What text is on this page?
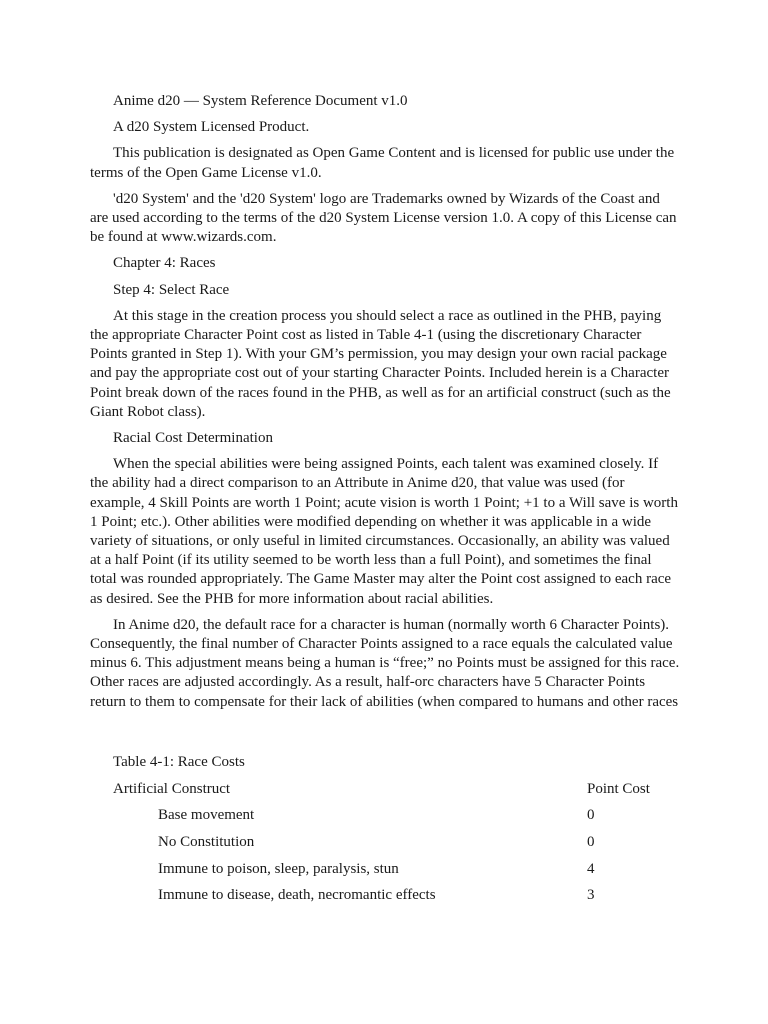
Anime d20 — System Reference Document v1.0

A d20 System Licensed Product.

This publication is designated as Open Game Content and is licensed for public use under the terms of the Open Game License v1.0.

'd20 System' and the 'd20 System' logo are Trademarks owned by Wizards of the Coast and are used according to the terms of the d20 System License version 1.0. A copy of this License can be found at www.wizards.com.

Chapter 4: Races

Step 4: Select Race

At this stage in the creation process you should select a race as outlined in the PHB, paying the appropriate Character Point cost as listed in Table 4-1 (using the discretionary Character Points granted in Step 1). With your GM’s permission, you may design your own racial package and pay the appropriate cost out of your starting Character Points. Included herein is a Character Point break down of the races found in the PHB, as well as for an artificial construct (such as the Giant Robot class).

Racial Cost Determination

When the special abilities were being assigned Points, each talent was examined closely. If the ability had a direct comparison to an Attribute in Anime d20, that value was used (for example, 4 Skill Points are worth 1 Point; acute vision is worth 1 Point; +1 to a Will save is worth 1 Point; etc.). Other abilities were modified depending on whether it was applicable in a wide variety of situations, or only useful in limited circumstances. Occasionally, an ability was valued at a half Point (if its utility seemed to be worth less than a full Point), and sometimes the final total was rounded appropriately. The Game Master may alter the Point cost assigned to each race as desired. See the PHB for more information about racial abilities.

In Anime d20, the default race for a character is human (normally worth 6 Character Points). Consequently, the final number of Character Points assigned to a race equals the calculated value minus 6. This adjustment means being a human is “free;” no Points must be assigned for this race. Other races are adjusted accordingly. As a result, half-orc characters have 5 Character Points return to them to compensate for their lack of abilities (when compared to humans and other races

Table 4-1: Race Costs
Artificial Construct	Point Cost
Base movement	0
No Constitution	0
Immune to poison, sleep, paralysis, stun	4
Immune to disease, death, necromantic effects	3
